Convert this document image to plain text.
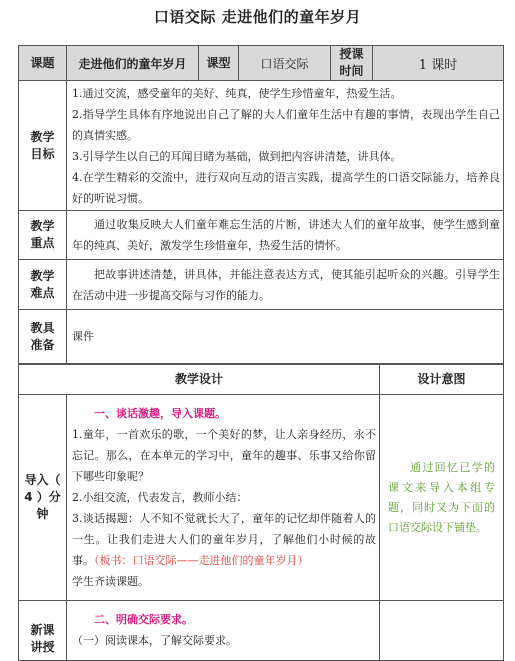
口语交际 走进他们的童年岁月
课题	走进他们的童年岁月	课型	口语交际	授课时间	1 课时
教学目标	1.通过交流，感受童年的美好、纯真，使学生珍惜童年，热爱生活。

2.指导学生具体有序地说出自己了解的大人们童年生活中有趣的事情，表现出学生自己的真情实感。

3.引导学生以自己的耳闻目睹为基础，做到把内容讲清楚，讲具体。

4.在学生精彩的交流中，进行双向互动的语言实践，提高学生的口语交际能力，培养良好的听说习惯。				

教学重点	通过收集反映大人们童年难忘生活的片断，讲述大人们的童年故事，使学生感到童年的纯真、美好，激发学生珍惜童年，热爱生活的情怀。				
教学难点	把故事讲述清楚，讲具体，并能注意表达方式，使其能引起听众的兴趣。引导学生在活动中进一步提高交际与习作的能力。				
教具准备	课件				
教学设计		设计意图
导入（ 4 ）分钟	一、谈话激趣，导入课题。

1.童年，一首欢乐的歌，一个美好的梦，让人亲身经历，永不忘记。那么，在本单元的学习中，童年的趣事、乐事又给你留下哪些印象呢？

2.小组交流，代表发言，教师小结：

3.谈话揭题：人不知不觉就长大了，童年的记忆却伴随着人的一生。让我们走进大人们的童年岁月，了解他们小时候的故事。（板书：口语交际——走进他们的童年岁月）

学生齐读课题。	通过回忆已学的课文来导入本组专题，同时又为下面的口语交际设下铺垫。

新课讲授	二、明确交际要求。

（一）阅读课本，了解交际要求。	
